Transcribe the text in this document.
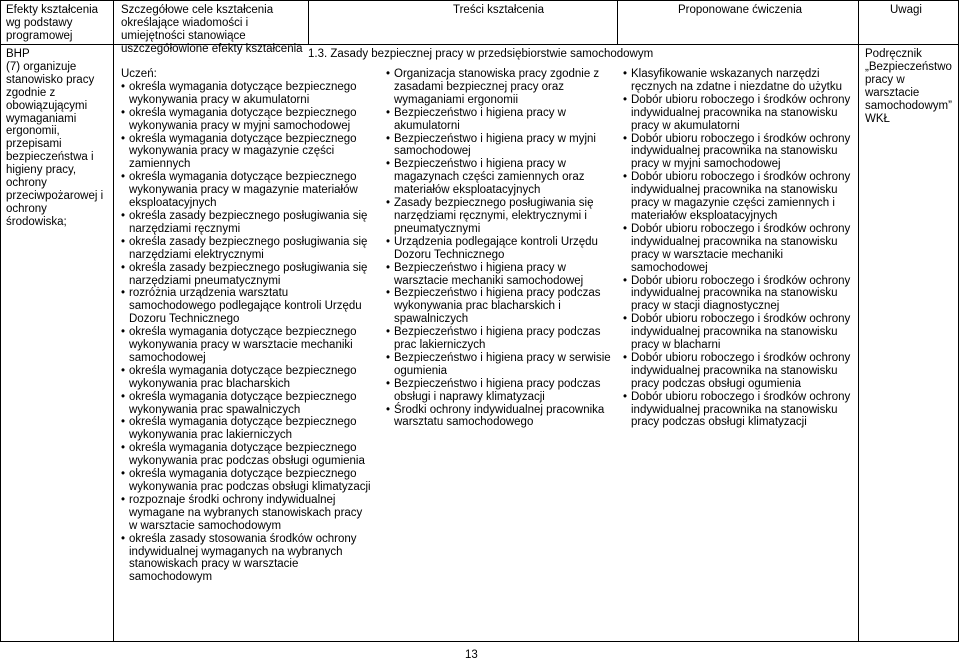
Efekty kształcenia wg podstawy programowej
Szczegółowe cele kształcenia określające wiadomości i umiejętności stanowiące uszczegółowione efekty kształcenia
Treści kształcenia	Proponowane ćwiczenia	Uwagi
1.3. Zasady bezpiecznej pracy w przedsiębiorstwie samochodowym
BHP
(7) organizuje stanowisko pracy zgodnie z obowiązującymi wymaganiami ergonomii, przepisami bezpieczeństwa i higieny pracy, ochrony przeciwpożarowej i ochrony środowiska;
Uczeń:
• określa wymagania dotyczące bezpiecznego wykonywania pracy w akumulatorni
• określa wymagania dotyczące bezpiecznego wykonywania pracy w myjni samochodowej
• określa wymagania dotyczące bezpiecznego wykonywania pracy w magazynie części zamiennych
• określa wymagania dotyczące bezpiecznego wykonywania pracy w magazynie materiałów eksploatacyjnych
• określa zasady bezpiecznego posługiwania się narzędziami ręcznymi
• określa zasady bezpiecznego posługiwania się narzędziami elektrycznymi
• określa zasady bezpiecznego posługiwania się narzędziami pneumatycznymi
• rozróżnia urządzenia warsztatu samochodowego podlegające kontroli Urzędu Dozoru Technicznego
• określa wymagania dotyczące bezpiecznego wykonywania pracy w warsztacie mechaniki samochodowej
• określa wymagania dotyczące bezpiecznego wykonywania prac blacharskich
• określa wymagania dotyczące bezpiecznego wykonywania prac spawalniczych
• określa wymagania dotyczące bezpiecznego wykonywania prac lakierniczych
• określa wymagania dotyczące bezpiecznego wykonywania prac podczas obsługi ogumienia
• określa wymagania dotyczące bezpiecznego wykonywania prac podczas obsługi klimatyzacji
• rozpoznaje środki ochrony indywidualnej wymagane na wybranych stanowiskach pracy w warsztacie samochodowym
• określa zasady stosowania środków ochrony indywidualnej wymaganych na wybranych stanowiskach pracy w warsztacie samochodowym
• Organizacja stanowiska pracy zgodnie z zasadami bezpiecznej pracy oraz wymaganiami ergonomii
• Bezpieczeństwo i higiena pracy w akumulatorni
• Bezpieczeństwo i higiena pracy w myjni samochodowej
• Bezpieczeństwo i higiena pracy w magazynach części zamiennych oraz materiałów eksploatacyjnych
• Zasady bezpiecznego posługiwania się narzędziami ręcznymi, elektrycznymi i pneumatycznymi
• Urządzenia podlegające kontroli Urzędu Dozoru Technicznego
• Bezpieczeństwo i higiena pracy w warsztacie mechaniki samochodowej
• Bezpieczeństwo i higiena pracy podczas wykonywania prac blacharskich i spawalniczych
• Bezpieczeństwo i higiena pracy podczas prac lakierniczych
• Bezpieczeństwo i higiena pracy w serwisie ogumienia
• Bezpieczeństwo i higiena pracy podczas obsługi i naprawy klimatyzacji
• Środki ochrony indywidualnej pracownika warsztatu samochodowego
• Klasyfikowanie wskazanych narzędzi ręcznych na zdatne i niezdatne do użytku
• Dobór ubioru roboczego i środków ochrony indywidualnej pracownika na stanowisku pracy w akumulatorni
• Dobór ubioru roboczego i środków ochrony indywidualnej pracownika na stanowisku pracy w myjni samochodowej
• Dobór ubioru roboczego i środków ochrony indywidualnej pracownika na stanowisku pracy w magazynie części zamiennych i materiałów eksploatacyjnych
• Dobór ubioru roboczego i środków ochrony indywidualnej pracownika na stanowisku pracy w warsztacie mechaniki samochodowej
• Dobór ubioru roboczego i środków ochrony indywidualnej pracownika na stanowisku pracy w stacji diagnostycznej
• Dobór ubioru roboczego i środków ochrony indywidualnej pracownika na stanowisku pracy w blacharni
• Dobór ubioru roboczego i środków ochrony indywidualnej pracownika na stanowisku pracy podczas obsługi ogumienia
• Dobór ubioru roboczego i środków ochrony indywidualnej pracownika na stanowisku pracy podczas obsługi klimatyzacji
Podręcznik
„Bezpieczeństwo pracy w warsztacie samochodowym”
WKŁ
13
